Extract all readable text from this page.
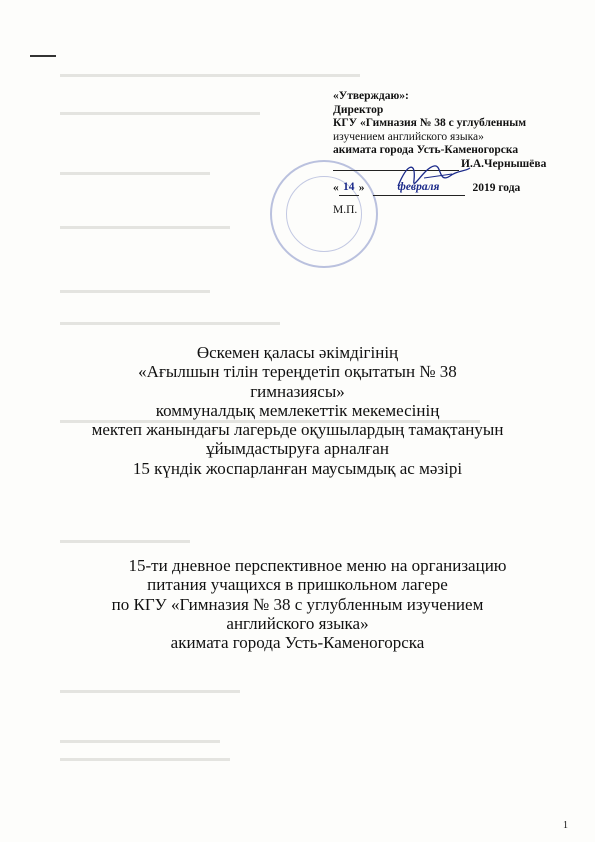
«Утверждаю»:
Директор
КГУ «Гимназия № 38 с углубленным
изучением английского языка»
акимата города Усть-Каменогорска
И.А.Чернышёва
« 14 »	февраля	2019 года
М.П.
Өскемен қаласы әкімдігінің
«Ағылшын тілін тереңдетіп оқытатын № 38
гимназиясы»
коммуналдық мемлекеттік мекемесінің
мектеп жанындағы лагерьде оқушылардың тамақтануын
ұйымдастыруға арналған
15 күндік жоспарланған маусымдық ас мәзірі
15-ти дневное перспективное меню на организацию
питания учащихся в пришкольном лагере
по КГУ «Гимназия № 38 с углубленным изучением
английского языка»
акимата города Усть-Каменогорска
1
